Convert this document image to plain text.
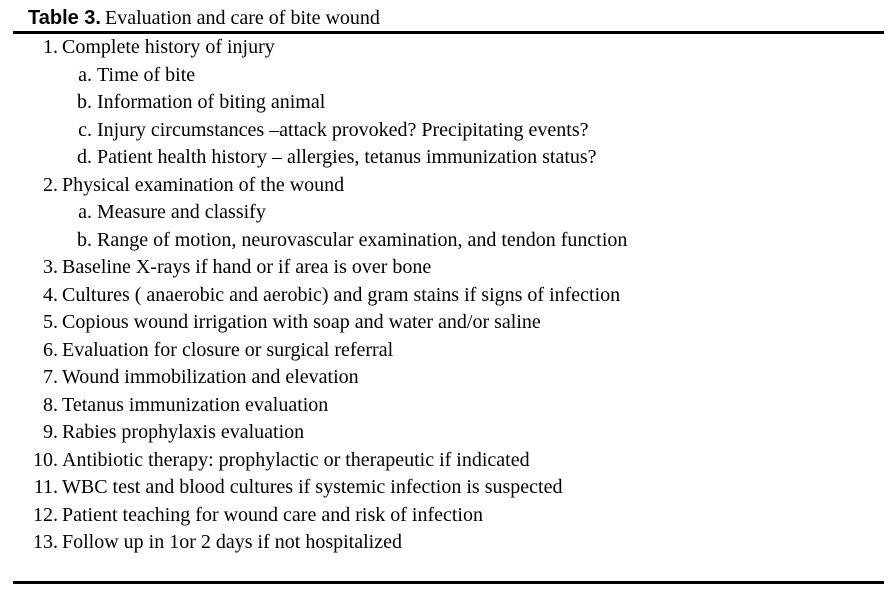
Table 3. Evaluation and care of bite wound
1. Complete history of injury
a. Time of bite
b. Information of biting animal
c. Injury circumstances –attack provoked? Precipitating events?
d. Patient health history – allergies, tetanus immunization status?
2. Physical examination of the wound
a. Measure and classify
b. Range of motion, neurovascular examination, and tendon function
3. Baseline X-rays if hand or if area is over bone
4. Cultures ( anaerobic and aerobic) and gram stains if signs of infection
5. Copious wound irrigation with soap and water and/or saline
6. Evaluation for closure or surgical referral
7. Wound immobilization and elevation
8. Tetanus immunization evaluation
9. Rabies prophylaxis evaluation
10. Antibiotic therapy: prophylactic or therapeutic if indicated
11. WBC test and blood cultures if systemic infection is suspected
12. Patient teaching for wound care and risk of infection
13. Follow up in 1or 2 days if not hospitalized
